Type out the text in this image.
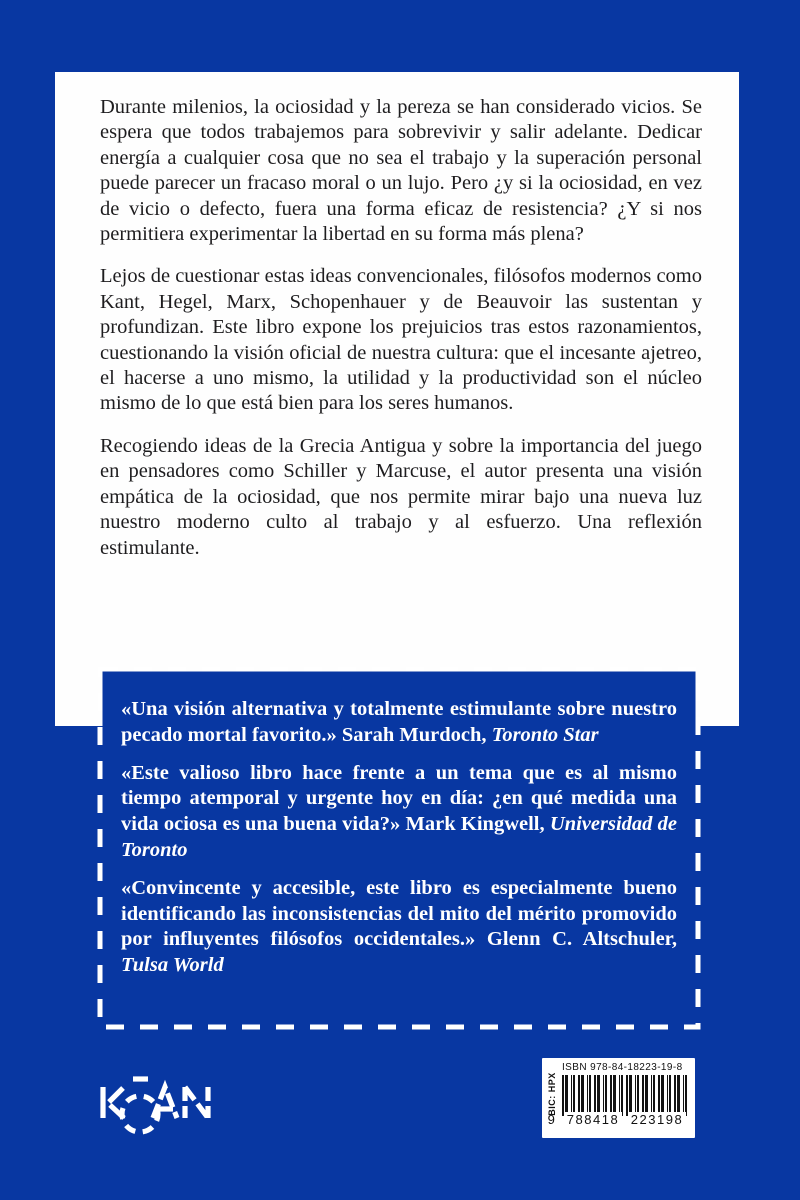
Durante milenios, la ociosidad y la pereza se han considerado vicios. Se espera que todos trabajemos para sobrevivir y salir adelante. Dedicar energía a cualquier cosa que no sea el trabajo y la superación personal puede parecer un fracaso moral o un lujo. Pero ¿y si la ociosidad, en vez de vicio o defecto, fuera una forma eficaz de resistencia? ¿Y si nos permitiera experimentar la libertad en su forma más plena?

Lejos de cuestionar estas ideas convencionales, filósofos modernos como Kant, Hegel, Marx, Schopenhauer y de Beauvoir las sustentan y profundizan. Este libro expone los prejuicios tras estos razonamientos, cuestionando la visión oficial de nuestra cultura: que el incesante ajetreo, el hacerse a uno mismo, la utilidad y la productividad son el núcleo mismo de lo que está bien para los seres humanos.

Recogiendo ideas de la Grecia Antigua y sobre la importancia del juego en pensadores como Schiller y Marcuse, el autor presenta una visión empática de la ociosidad, que nos permite mirar bajo una nueva luz nuestro moderno culto al trabajo y al esfuerzo. Una reflexión estimulante.

«Una visión alternativa y totalmente estimulante sobre nuestro pecado mortal favorito.» Sarah Murdoch, Toronto Star
«Este valioso libro hace frente a un tema que es al mismo tiempo atemporal y urgente hoy en día: ¿en qué medida una vida ociosa es una buena vida?» Mark Kingwell, Universidad de Toronto
«Convincente y accesible, este libro es especialmente bueno identificando las inconsistencias del mito del mérito promovido por influyentes filósofos occidentales.» Glenn C. Altschuler, Tulsa World
BIC: HPX
ISBN 978-84-18223-19-8
9 788418 223198
